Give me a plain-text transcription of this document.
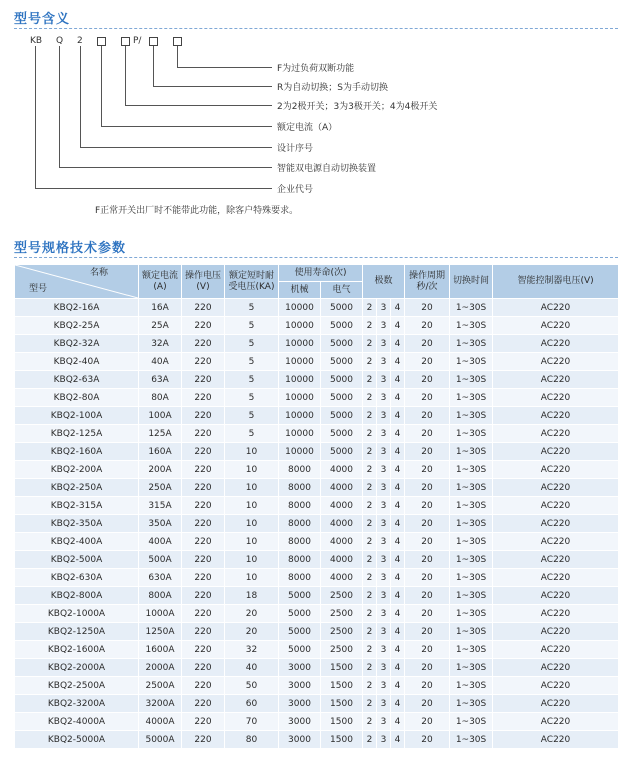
型号含义
KB Q 2	P/
F为过负荷双断功能
R为自动切换；S为手动切换
2为2极开关；3为3极开关；4为4极开关
额定电流（A）
设计序号
智能双电源自动切换装置
企业代号
F正常开关出厂时不能带此功能，除客户特殊要求。
型号规格技术参数
名称
型号	额定电流(A)	操作电压(V)	额定短时耐受电压(KA)	使用寿命(次)		极数			操作周期秒/次	切换时间	智能控制器电压(V)
				机械	电气						
KBQ2-16A	16A	220	5	10000	5000	2	3	4	20	1~30S	AC220
KBQ2-25A	25A	220	5	10000	5000	2	3	4	20	1~30S	AC220
KBQ2-32A	32A	220	5	10000	5000	2	3	4	20	1~30S	AC220
KBQ2-40A	40A	220	5	10000	5000	2	3	4	20	1~30S	AC220
KBQ2-63A	63A	220	5	10000	5000	2	3	4	20	1~30S	AC220
KBQ2-80A	80A	220	5	10000	5000	2	3	4	20	1~30S	AC220
KBQ2-100A	100A	220	5	10000	5000	2	3	4	20	1~30S	AC220
KBQ2-125A	125A	220	5	10000	5000	2	3	4	20	1~30S	AC220
KBQ2-160A	160A	220	10	10000	5000	2	3	4	20	1~30S	AC220
KBQ2-200A	200A	220	10	8000	4000	2	3	4	20	1~30S	AC220
KBQ2-250A	250A	220	10	8000	4000	2	3	4	20	1~30S	AC220
KBQ2-315A	315A	220	10	8000	4000	2	3	4	20	1~30S	AC220
KBQ2-350A	350A	220	10	8000	4000	2	3	4	20	1~30S	AC220
KBQ2-400A	400A	220	10	8000	4000	2	3	4	20	1~30S	AC220
KBQ2-500A	500A	220	10	8000	4000	2	3	4	20	1~30S	AC220
KBQ2-630A	630A	220	10	8000	4000	2	3	4	20	1~30S	AC220
KBQ2-800A	800A	220	18	5000	2500	2	3	4	20	1~30S	AC220
KBQ2-1000A	1000A	220	20	5000	2500	2	3	4	20	1~30S	AC220
KBQ2-1250A	1250A	220	20	5000	2500	2	3	4	20	1~30S	AC220
KBQ2-1600A	1600A	220	32	5000	2500	2	3	4	20	1~30S	AC220
KBQ2-2000A	2000A	220	40	3000	1500	2	3	4	20	1~30S	AC220
KBQ2-2500A	2500A	220	50	3000	1500	2	3	4	20	1~30S	AC220
KBQ2-3200A	3200A	220	60	3000	1500	2	3	4	20	1~30S	AC220
KBQ2-4000A	4000A	220	70	3000	1500	2	3	4	20	1~30S	AC220
KBQ2-5000A	5000A	220	80	3000	1500	2	3	4	20	1~30S	AC220
